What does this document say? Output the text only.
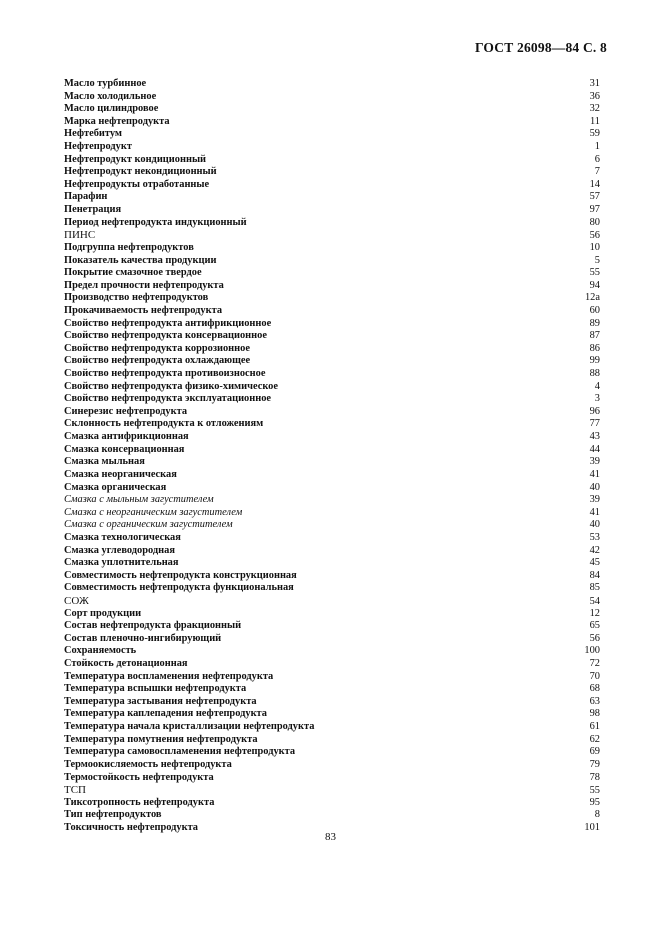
ГОСТ 26098—84 С. 8
Масло турбинное	31
Масло холодильное	36
Масло цилиндровое	32
Марка нефтепродукта	11
Нефтебитум	59
Нефтепродукт	1
Нефтепродукт кондиционный	6
Нефтепродукт некондиционный	7
Нефтепродукты отработанные	14
Парафин	57
Пенетрация	97
Период нефтепродукта индукционный	80
ПИНС	56
Подгруппа нефтепродуктов	10
Показатель качества продукции	5
Покрытие смазочное твердое	55
Предел прочности нефтепродукта	94
Производство нефтепродуктов	12а
Прокачиваемость нефтепродукта	60
Свойство нефтепродукта антифрикционное	89
Свойство нефтепродукта консервационное	87
Свойство нефтепродукта коррозионное	86
Свойство нефтепродукта охлаждающее	99
Свойство нефтепродукта противоизносное	88
Свойство нефтепродукта физико-химическое	4
Свойство нефтепродукта эксплуатационное	3
Синерезис нефтепродукта	96
Склонность нефтепродукта к отложениям	77
Смазка антифрикционная	43
Смазка консервационная	44
Смазка мыльная	39
Смазка неорганическая	41
Смазка органическая	40
Смазка с мыльным загустителем	39
Смазка с неорганическим загустителем	41
Смазка с органическим загустителем	40
Смазка технологическая	53
Смазка углеводородная	42
Смазка уплотнительная	45
Совместимость нефтепродукта конструкционная	84
Совместимость нефтепродукта функциональная	85
СОЖ	54
Сорт продукции	12
Состав нефтепродукта фракционный	65
Состав пленочно-ингибирующий	56
Сохраняемость	100
Стойкость детонационная	72
Температура воспламенения нефтепродукта	70
Температура вспышки нефтепродукта	68
Температура застывания нефтепродукта	63
Температура каплепадения нефтепродукта	98
Температура начала кристаллизации нефтепродукта	61
Температура помутнения нефтепродукта	62
Температура самовоспламенения нефтепродукта	69
Термоокисляемость нефтепродукта	79
Термостойкость нефтепродукта	78
ТСП	55
Тиксотропность нефтепродукта	95
Тип нефтепродуктов	8
Токсичность нефтепродукта	101
83
